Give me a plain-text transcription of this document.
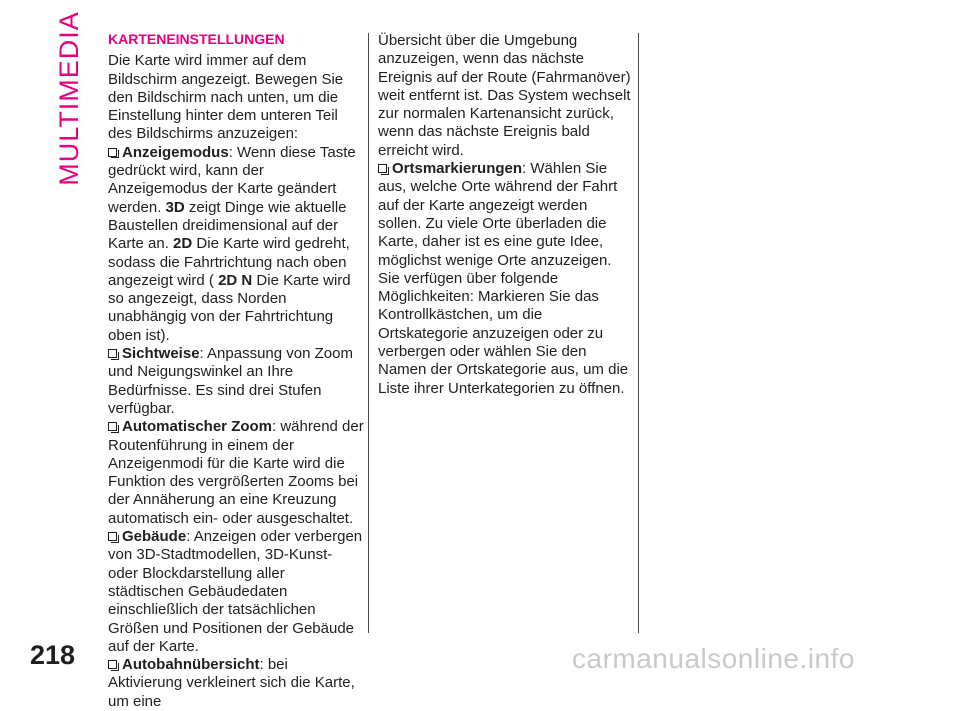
MULTIMEDIA KARTENEINSTELLUNGEN

Die Karte wird immer auf dem Bildschirm angezeigt. Bewegen Sie den Bildschirm nach unten, um die Einstellung hinter dem unteren Teil des Bildschirms anzuzeigen:

Anzeigemodus: Wenn diese Taste gedrückt wird, kann der Anzeigemodus der Karte geändert werden. 3D zeigt Dinge wie aktuelle Baustellen dreidimensional auf der Karte an. 2D Die Karte wird gedreht, sodass die Fahrtrichtung nach oben angezeigt wird ( 2D N Die Karte wird so angezeigt, dass Norden unabhängig von der Fahrtrichtung oben ist).

Sichtweise: Anpassung von Zoom und Neigungswinkel an Ihre Bedürfnisse. Es sind drei Stufen verfügbar.

Automatischer Zoom: während der Routenführung in einem der Anzeigenmodi für die Karte wird die Funktion des vergrößerten Zooms bei der Annäherung an eine Kreuzung automatisch ein- oder ausgeschaltet.

Gebäude: Anzeigen oder verbergen von 3D-Stadtmodellen, 3D-Kunst- oder Blockdarstellung aller städtischen Gebäudedaten einschließlich der tatsächlichen Größen und Positionen der Gebäude auf der Karte.

Autobahnübersicht: bei Aktivierung verkleinert sich die Karte, um eine

Übersicht über die Umgebung anzuzeigen, wenn das nächste Ereignis auf der Route (Fahrmanöver) weit entfernt ist. Das System wechselt zur normalen Kartenansicht zurück, wenn das nächste Ereignis bald erreicht wird.

Ortsmarkierungen: Wählen Sie aus, welche Orte während der Fahrt auf der Karte angezeigt werden sollen. Zu viele Orte überladen die Karte, daher ist es eine gute Idee, möglichst wenige Orte anzuzeigen. Sie verfügen über folgende Möglichkeiten: Markieren Sie das Kontrollkästchen, um die Ortskategorie anzuzeigen oder zu verbergen oder wählen Sie den Namen der Ortskategorie aus, um die Liste ihrer Unterkategorien zu öffnen.

218	carmanualsonline.info
